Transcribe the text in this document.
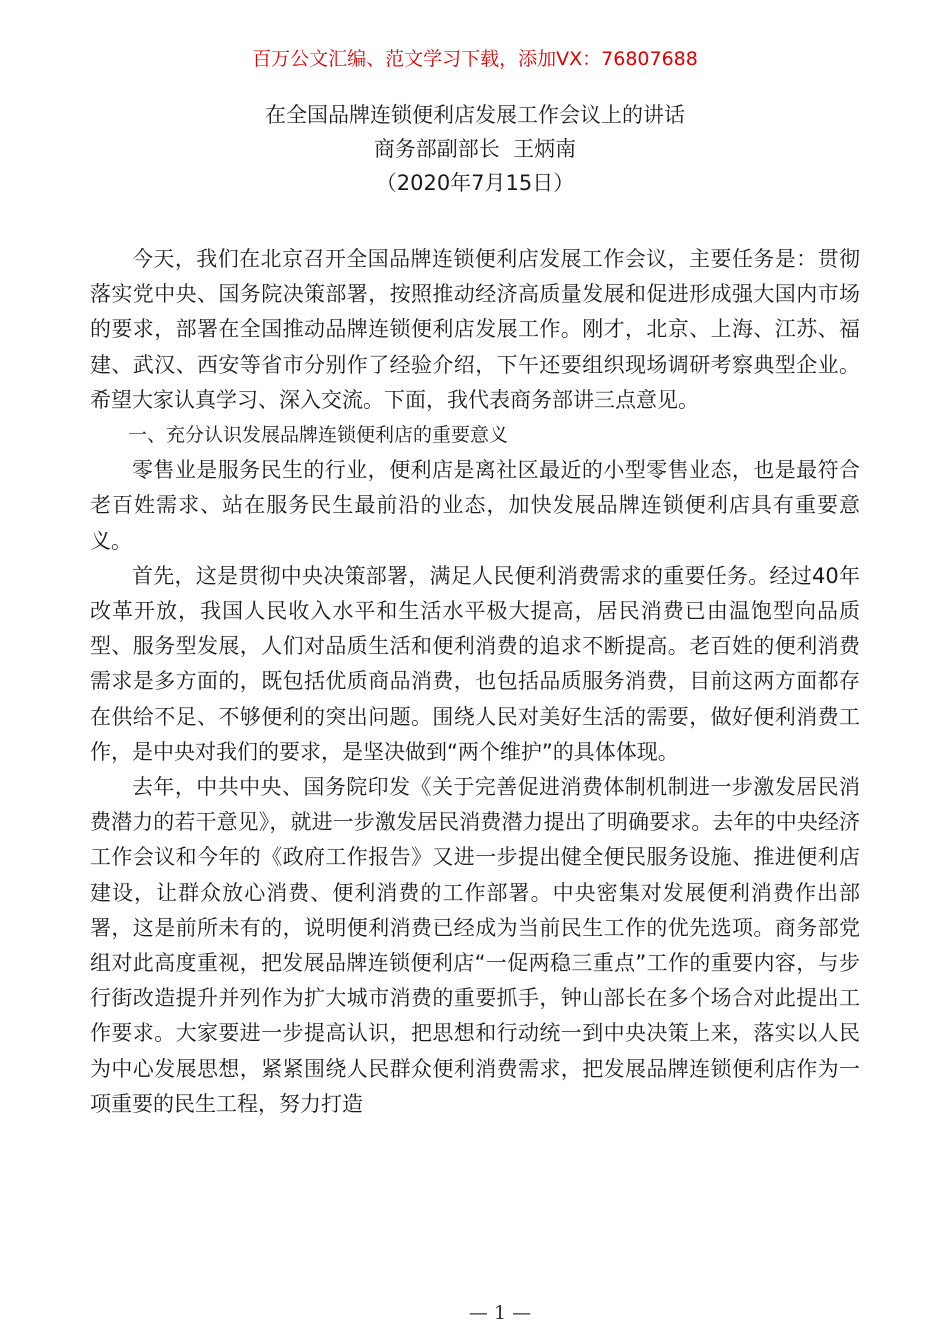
百万公文汇编、范文学习下载，添加VX：76807688
在全国品牌连锁便利店发展工作会议上的讲话
商务部副部长  王炳南
（2020年7月15日）

今天，我们在北京召开全国品牌连锁便利店发展工作会议，主要任务是：贯彻落实党中央、国务院决策部署，按照推动经济高质量发展和促进形成强大国内市场的要求，部署在全国推动品牌连锁便利店发展工作。刚才，北京、上海、江苏、福建、武汉、西安等省市分别作了经验介绍，下午还要组织现场调研考察典型企业。希望大家认真学习、深入交流。下面，我代表商务部讲三点意见。

一、充分认识发展品牌连锁便利店的重要意义

零售业是服务民生的行业，便利店是离社区最近的小型零售业态，也是最符合老百姓需求、站在服务民生最前沿的业态，加快发展品牌连锁便利店具有重要意义。

首先，这是贯彻中央决策部署，满足人民便利消费需求的重要任务。经过40年改革开放，我国人民收入水平和生活水平极大提高，居民消费已由温饱型向品质型、服务型发展，人们对品质生活和便利消费的追求不断提高。老百姓的便利消费需求是多方面的，既包括优质商品消费，也包括品质服务消费，目前这两方面都存在供给不足、不够便利的突出问题。围绕人民对美好生活的需要，做好便利消费工作，是中央对我们的要求，是坚决做到“两个维护”的具体体现。

去年，中共中央、国务院印发《关于完善促进消费体制机制进一步激发居民消费潜力的若干意见》，就进一步激发居民消费潜力提出了明确要求。去年的中央经济工作会议和今年的《政府工作报告》又进一步提出健全便民服务设施、推进便利店建设，让群众放心消费、便利消费的工作部署。中央密集对发展便利消费作出部署，这是前所未有的，说明便利消费已经成为当前民生工作的优先选项。商务部党组对此高度重视，把发展品牌连锁便利店“一促两稳三重点”工作的重要内容，与步行街改造提升并列作为扩大城市消费的重要抓手，钟山部长在多个场合对此提出工作要求。大家要进一步提高认识，把思想和行动统一到中央决策上来，落实以人民为中心发展思想，紧紧围绕人民群众便利消费需求，把发展品牌连锁便利店作为一项重要的民生工程，努力打造

— 1 —
